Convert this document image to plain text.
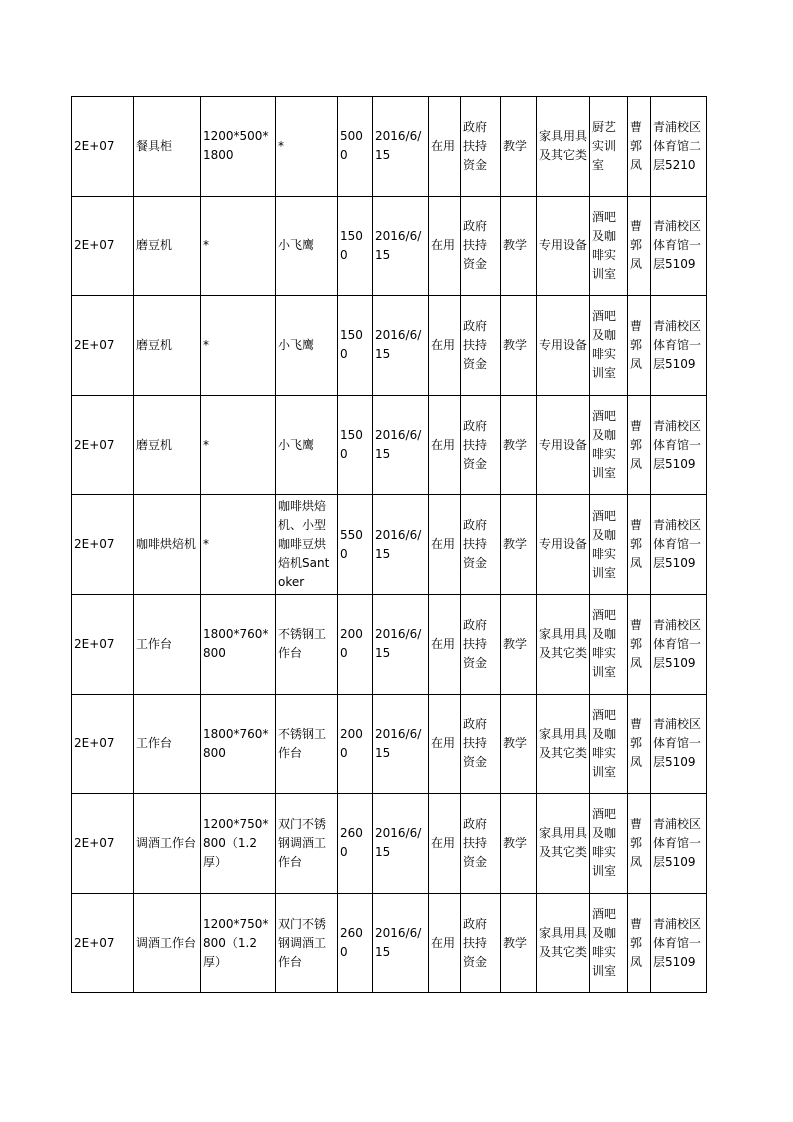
2E+07	餐具柜	1200*500*1800	*	5000	2016/6/15	在用	政府扶持资金	教学	家具用具及其它类	厨艺实训室	曹郭凤	青浦校区体育馆二层5210
2E+07	磨豆机	*	小飞鹰	1500	2016/6/15	在用	政府扶持资金	教学	专用设备	酒吧及咖啡实训室	曹郭凤	青浦校区体育馆一层5109
2E+07	磨豆机	*	小飞鹰	1500	2016/6/15	在用	政府扶持资金	教学	专用设备	酒吧及咖啡实训室	曹郭凤	青浦校区体育馆一层5109
2E+07	磨豆机	*	小飞鹰	1500	2016/6/15	在用	政府扶持资金	教学	专用设备	酒吧及咖啡实训室	曹郭凤	青浦校区体育馆一层5109
2E+07	咖啡烘焙机	*	咖啡烘焙机、小型咖啡豆烘焙机Santoker	5500	2016/6/15	在用	政府扶持资金	教学	专用设备	酒吧及咖啡实训室	曹郭凤	青浦校区体育馆一层5109
2E+07	工作台	1800*760*800	不锈钢工作台	2000	2016/6/15	在用	政府扶持资金	教学	家具用具及其它类	酒吧及咖啡实训室	曹郭凤	青浦校区体育馆一层5109
2E+07	工作台	1800*760*800	不锈钢工作台	2000	2016/6/15	在用	政府扶持资金	教学	家具用具及其它类	酒吧及咖啡实训室	曹郭凤	青浦校区体育馆一层5109
2E+07	调酒工作台	1200*750*800（1.2厚）	双门不锈钢调酒工作台	2600	2016/6/15	在用	政府扶持资金	教学	家具用具及其它类	酒吧及咖啡实训室	曹郭凤	青浦校区体育馆一层5109
2E+07	调酒工作台	1200*750*800（1.2厚）	双门不锈钢调酒工作台	2600	2016/6/15	在用	政府扶持资金	教学	家具用具及其它类	酒吧及咖啡实训室	曹郭凤	青浦校区体育馆一层5109
